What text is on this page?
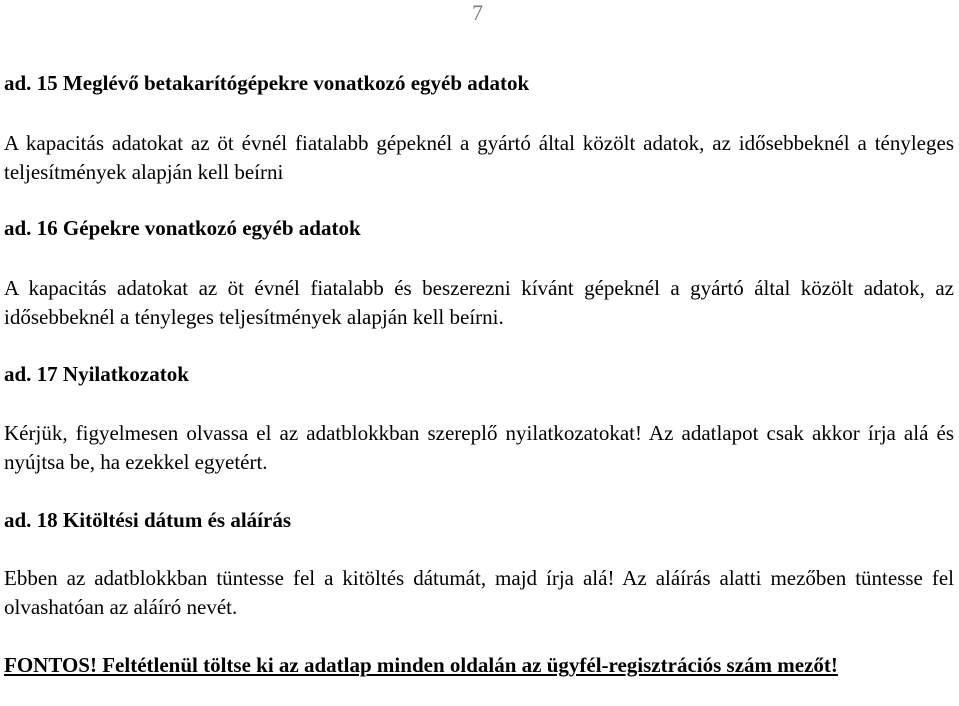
7
ad. 15 Meglévő betakarítógépekre vonatkozó egyéb adatok

A kapacitás adatokat az öt évnél fiatalabb gépeknél a gyártó által közölt adatok, az idősebbeknél a tényleges teljesítmények alapján kell beírni

ad. 16 Gépekre vonatkozó egyéb adatok

A kapacitás adatokat az öt évnél fiatalabb és beszerezni kívánt gépeknél a gyártó által közölt adatok, az idősebbeknél a tényleges teljesítmények alapján kell beírni.

ad. 17 Nyilatkozatok

Kérjük, figyelmesen olvassa el az adatblokkban szereplő nyilatkozatokat! Az adatlapot csak akkor írja alá és nyújtsa be, ha ezekkel egyetért.

ad. 18 Kitöltési dátum és aláírás

Ebben az adatblokkban tüntesse fel a kitöltés dátumát, majd írja alá! Az aláírás alatti mezőben tüntesse fel olvashatóan az aláíró nevét.

FONTOS! Feltétlenül töltse ki az adatlap minden oldalán az ügyfél-regisztrációs szám mezőt!
